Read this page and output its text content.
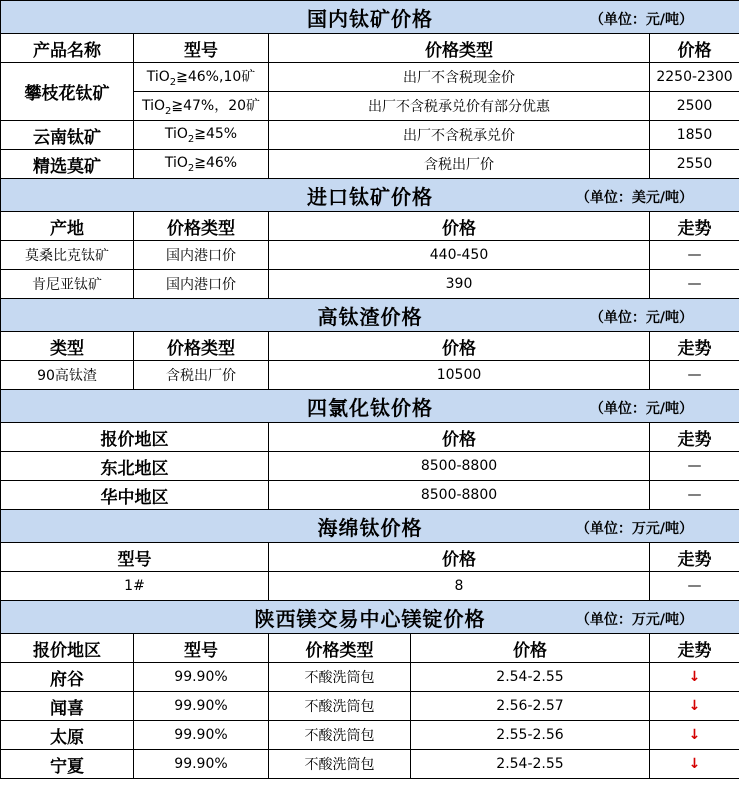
国内钛矿价格 （单位：元/吨）				

产品名称	型号	价格类型		价格
攀枝花钛矿	TiO$_2$≧46%,10矿	出厂不含税现金价		2250-2300
	TiO$_2$≧47%，20矿	出厂不含税承兑价有部分优惠		2500
云南钛矿	TiO$_2$≧45%	出厂不含税承兑价		1850
精选莫矿	TiO$_2$≧46%	含税出厂价		2550
进口钛矿价格 （单位：美元/吨）				

产地	价格类型	价格		走势
莫桑比克钛矿	国内港口价	440-450		—
肯尼亚钛矿	国内港口价	390		—
高钛渣价格 （单位：元/吨）				

类型	价格类型	价格		走势
90高钛渣	含税出厂价	10500		—
四氯化钛价格 （单位：元/吨）				

报价地区		价格		走势
东北地区		8500-8800		—
华中地区		8500-8800		—
海绵钛价格 （单位：万元/吨）				

型号		价格		走势
1#		8		—
陕西镁交易中心镁锭价格 （单位：万元/吨）				

报价地区	型号	价格类型	价格	走势
府谷	99.90%	不酸洗筒包	2.54-2.55	↓
闻喜	99.90%	不酸洗筒包	2.56-2.57	↓
太原	99.90%	不酸洗筒包	2.55-2.56	↓
宁夏	99.90%	不酸洗筒包	2.54-2.55	↓
